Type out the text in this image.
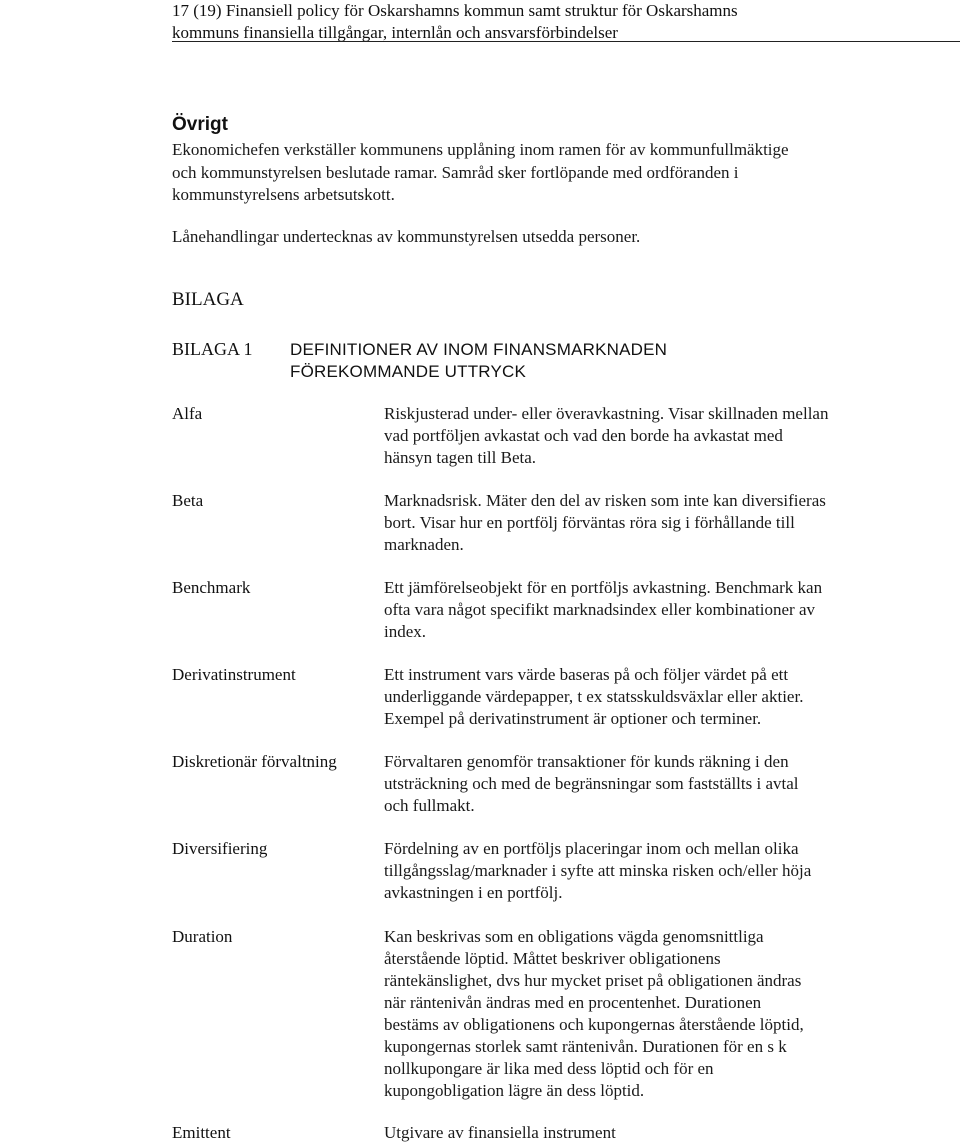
17 (19) Finansiell policy för Oskarshamns kommun samt struktur för Oskarshamns
kommuns finansiella tillgångar, internlån och ansvarsförbindelser
Övrigt
Ekonomichefen verkställer kommunens upplåning inom ramen för av kommunfullmäktige
och kommunstyrelsen beslutade ramar. Samråd sker fortlöpande med ordföranden i
kommunstyrelsens arbetsutskott.
Lånehandlingar undertecknas av kommunstyrelsen utsedda personer.
BILAGA
BILAGA 1 DEFINITIONER AV INOM FINANSMARKNADEN
FÖREKOMMANDE UTTRYCK
Alfa	Riskjusterad under- eller överavkastning. Visar skillnaden mellan
vad portföljen avkastat och vad den borde ha avkastat med
hänsyn tagen till Beta.
Beta	Marknadsrisk. Mäter den del av risken som inte kan diversifieras
bort. Visar hur en portfölj förväntas röra sig i förhållande till
marknaden.
Benchmark	Ett jämförelseobjekt för en portföljs avkastning. Benchmark kan
ofta vara något specifikt marknadsindex eller kombinationer av
index.
Derivatinstrument	Ett instrument vars värde baseras på och följer värdet på ett
underliggande värdepapper, t ex statsskuldsväxlar eller aktier.
Exempel på derivatinstrument är optioner och terminer.
Diskretionär förvaltning	Förvaltaren genomför transaktioner för kunds räkning i den
utsträckning och med de begränsningar som fastställts i avtal
och fullmakt.
Diversifiering	Fördelning av en portföljs placeringar inom och mellan olika
tillgångsslag/marknader i syfte att minska risken och/eller höja
avkastningen i en portfölj.
Duration	Kan beskrivas som en obligations vägda genomsnittliga
återstående löptid. Måttet beskriver obligationens
räntekänslighet, dvs hur mycket priset på obligationen ändras
när räntenivån ändras med en procentenhet. Durationen
bestäms av obligationens och kupongernas återstående löptid,
kupongernas storlek samt räntenivån. Durationen för en s k
nollkupongare är lika med dess löptid och för en
kupongobligation lägre än dess löptid.
Emittent	Utgivare av finansiella instrument
